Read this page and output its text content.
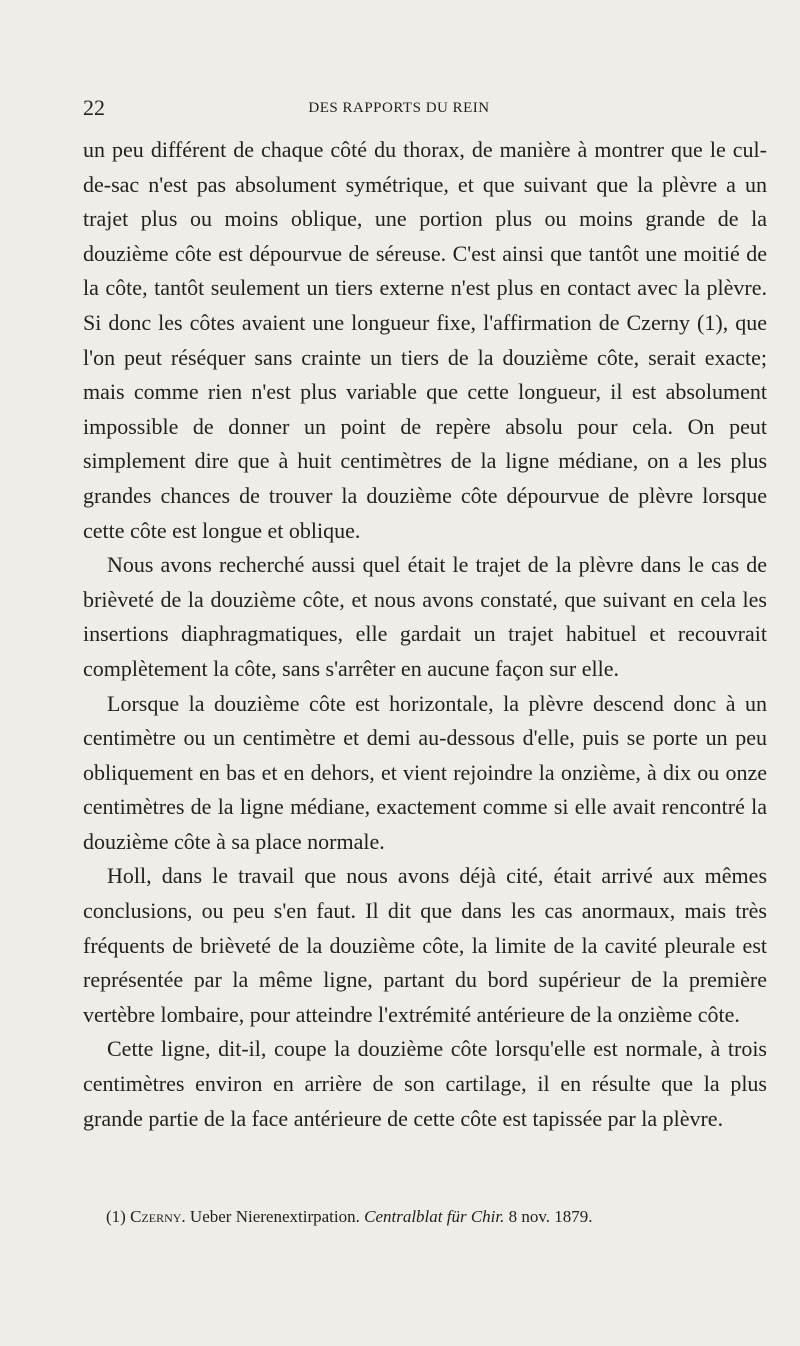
22	DES RAPPORTS DU REIN

un peu différent de chaque côté du thorax, de manière à montrer que le cul-de-sac n'est pas absolument symétrique, et que suivant que la plèvre a un trajet plus ou moins oblique, une portion plus ou moins grande de la douzième côte est dépourvue de séreuse. C'est ainsi que tantôt une moitié de la côte, tantôt seulement un tiers externe n'est plus en contact avec la plèvre. Si donc les côtes avaient une longueur fixe, l'affirmation de Czerny (1), que l'on peut réséquer sans crainte un tiers de la douzième côte, serait exacte; mais comme rien n'est plus variable que cette longueur, il est absolument impossible de donner un point de repère absolu pour cela. On peut simplement dire que à huit centimètres de la ligne médiane, on a les plus grandes chances de trouver la douzième côte dépourvue de plèvre lorsque cette côte est longue et oblique.

Nous avons recherché aussi quel était le trajet de la plèvre dans le cas de brièveté de la douzième côte, et nous avons constaté, que suivant en cela les insertions diaphragmatiques, elle gardait un trajet habituel et recouvrait complètement la côte, sans s'arrêter en aucune façon sur elle.

Lorsque la douzième côte est horizontale, la plèvre descend donc à un centimètre ou un centimètre et demi au-dessous d'elle, puis se porte un peu obliquement en bas et en dehors, et vient rejoindre la onzième, à dix ou onze centimètres de la ligne médiane, exactement comme si elle avait rencontré la douzième côte à sa place normale.

Holl, dans le travail que nous avons déjà cité, était arrivé aux mêmes conclusions, ou peu s'en faut. Il dit que dans les cas anormaux, mais très fréquents de brièveté de la douzième côte, la limite de la cavité pleurale est représentée par la même ligne, partant du bord supérieur de la première vertèbre lombaire, pour atteindre l'extrémité antérieure de la onzième côte.

Cette ligne, dit-il, coupe la douzième côte lorsqu'elle est normale, à trois centimètres environ en arrière de son cartilage, il en résulte que la plus grande partie de la face antérieure de cette côte est tapissée par la plèvre.

(1) Czerny. Ueber Nierenextirpation. Centralblat für Chir. 8 nov. 1879.
